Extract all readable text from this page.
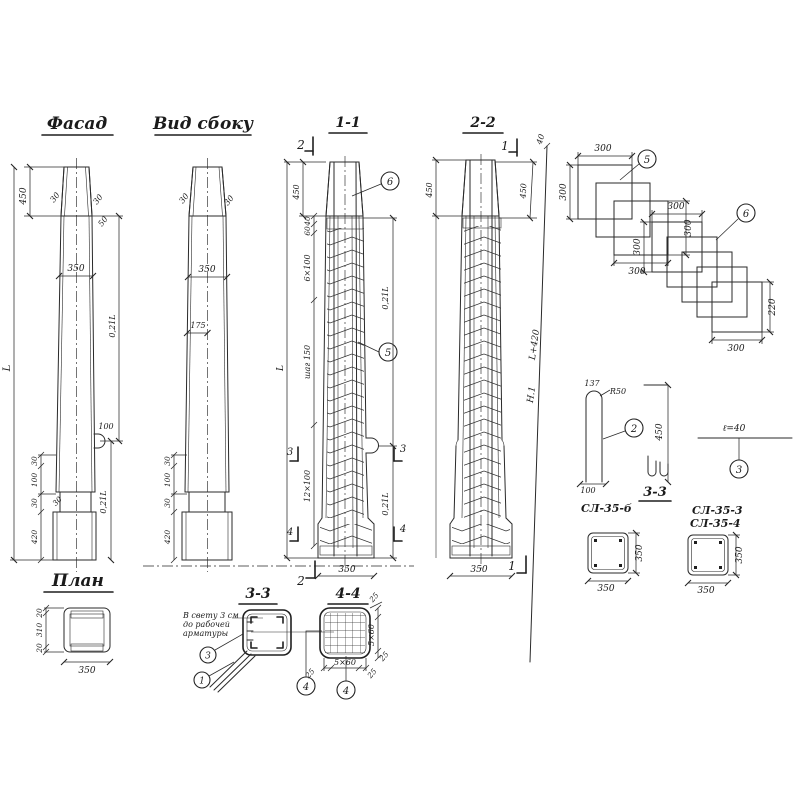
Фасад
450 30	30
50
350
0,21L
100
0,21L
L
30
100
30
420
30
План
20
310
20
350
Вид сбоку
30	30
350
175
30
100
30
420
1-1
2
6
5
L
450
40
60
6×100
шаг 150
12×100
3	3
4	4
0,21L
0,21L
350
2
2-2
1
450
40
450
L+420
Н.1
350 1
300
300
300
300
5
300
300
220
300
6
137
R50
2
100
450
3-3
ℓ=40
3
СЛ-35-б	СЛ-35-3
СЛ-35-4
350
350
350
350
3-3
В свету 3 см
до рабочей
арматуры
3
1
4-4 25
5×60
25
25
5×60
25
4	4
